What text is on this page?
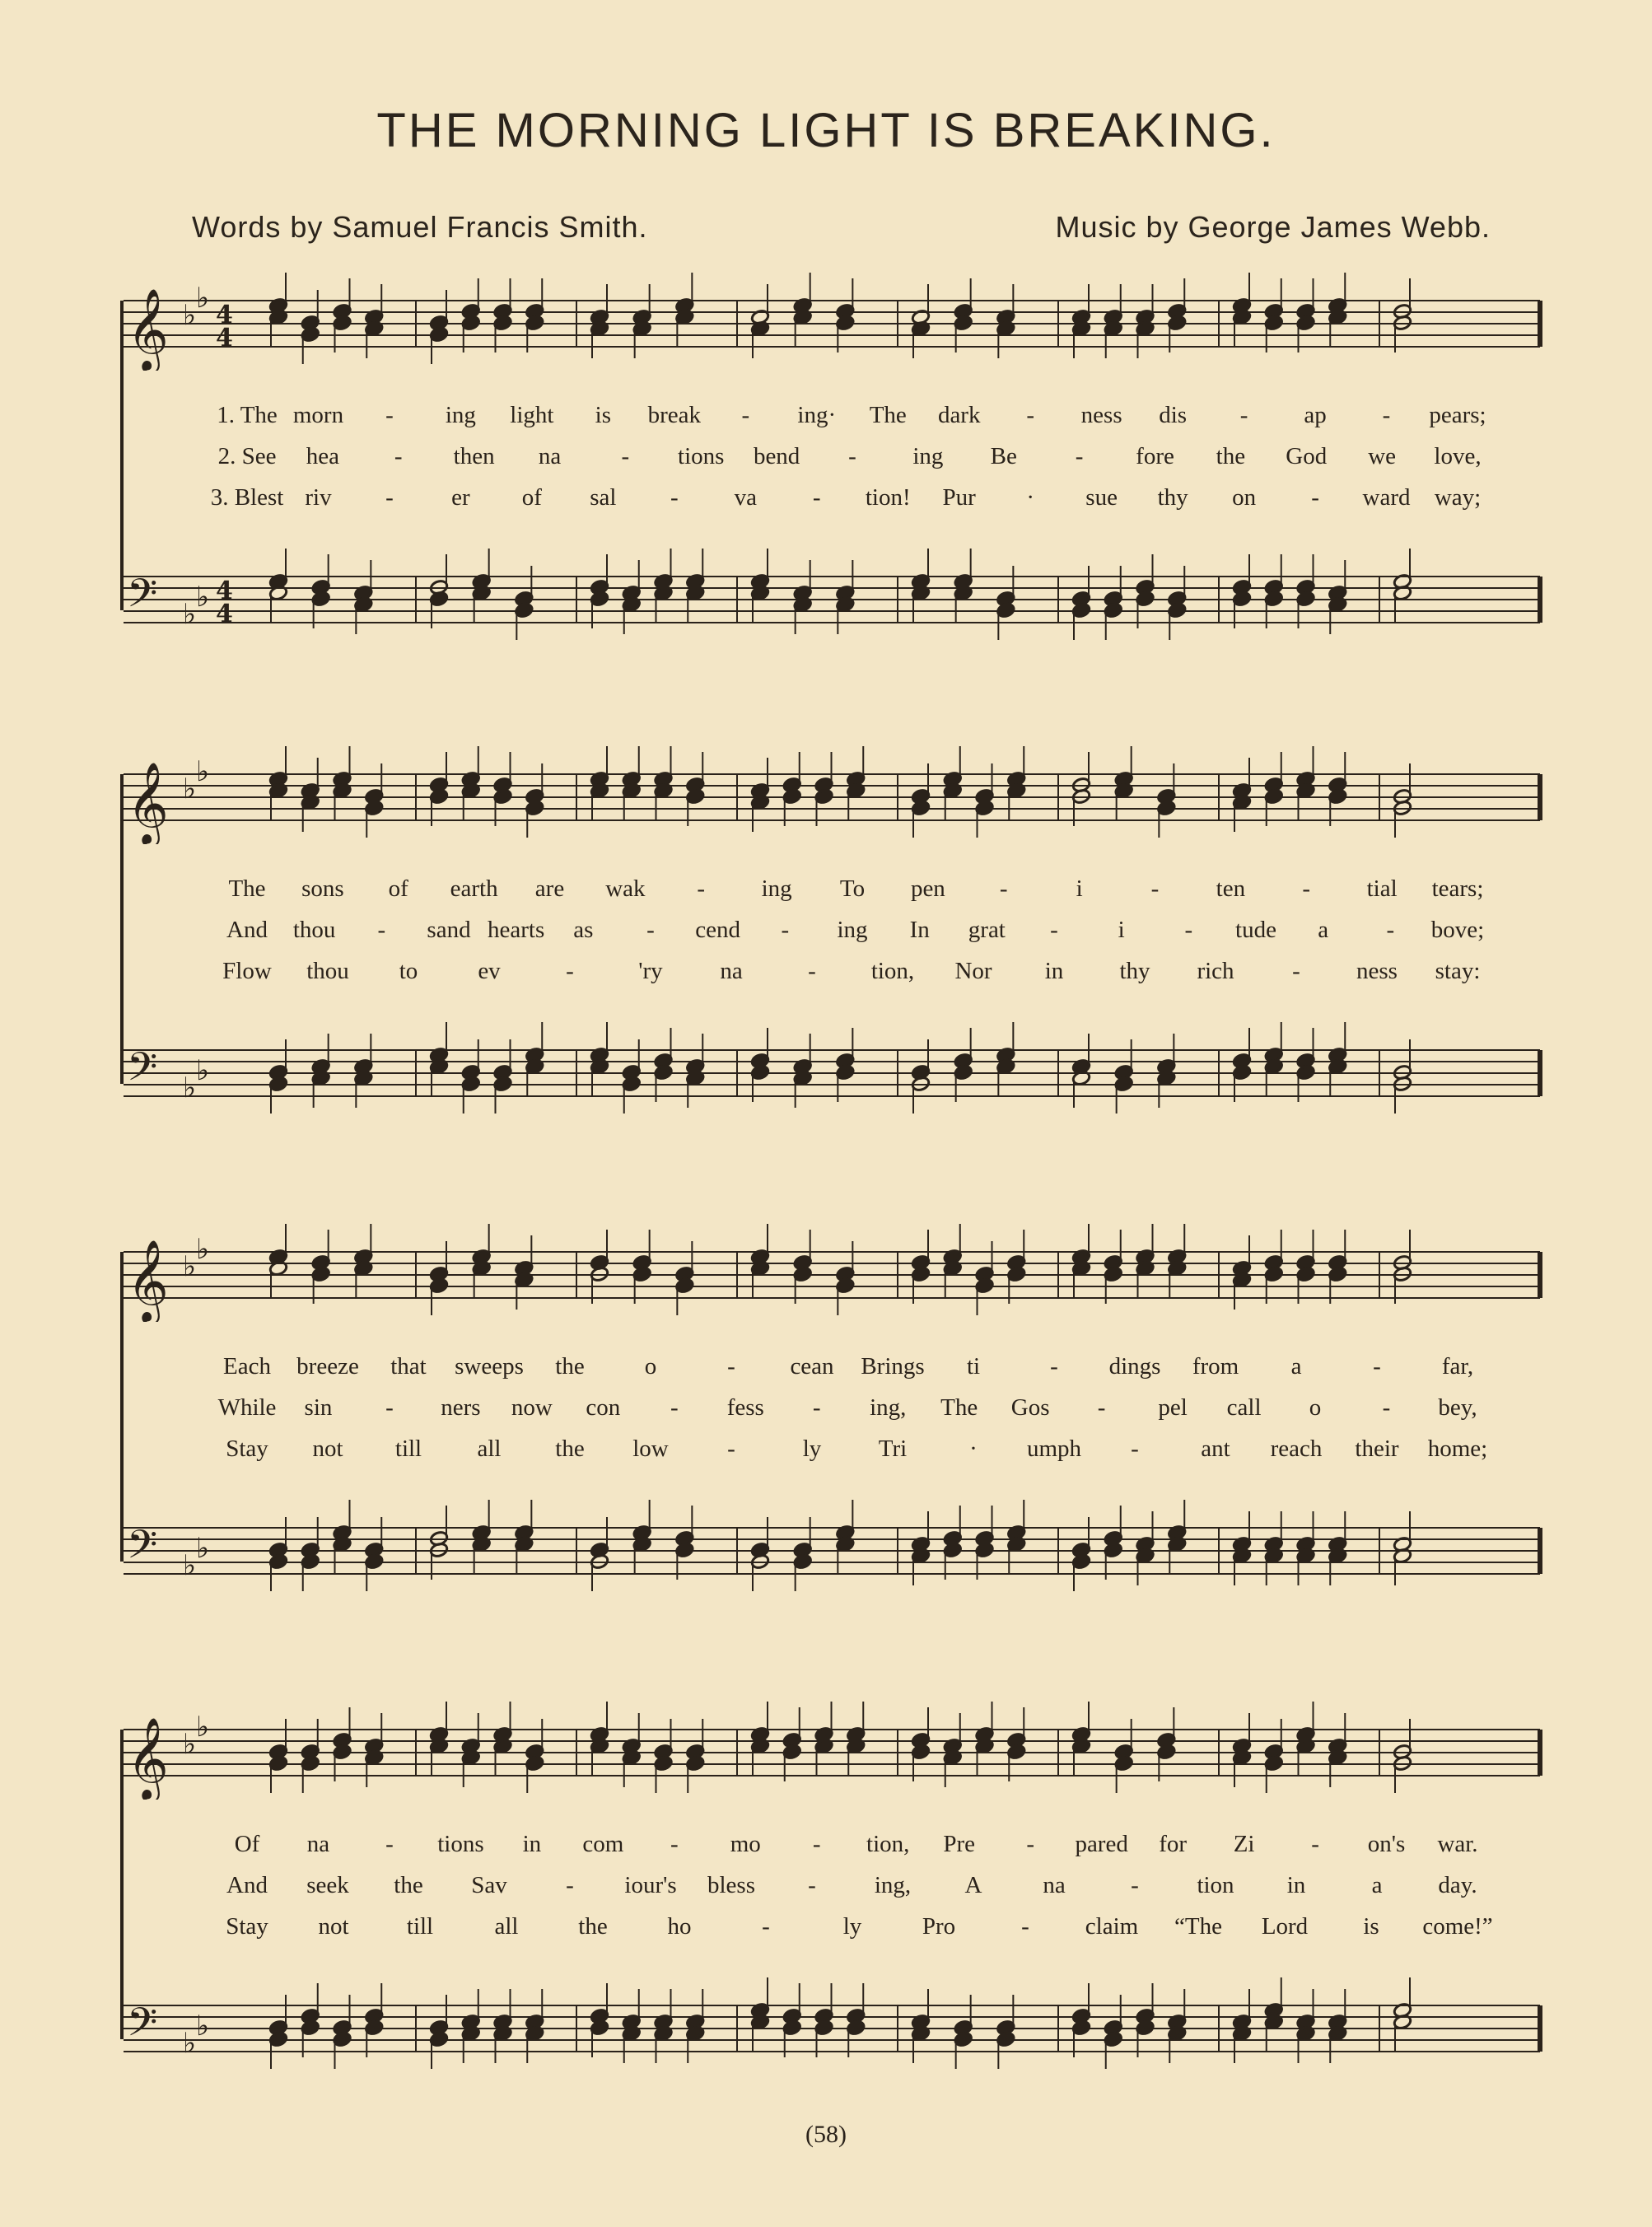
THE MORNING LIGHT IS BREAKING.
Words by Samuel Francis Smith.	Music by George James Webb.
𝄞 ♭
♭
4
4
𝄢 ♭
♭ 4
4
1. The morn - ing light is break - ing· The dark - ness dis - ap - pears;
2. See hea - then na	- tions bend - ing Be - fore the God we love,
3. Blest riv - er of sal - va - tion! Pur · sue thy on - ward way;
𝄞 ♭
♭
𝄢 ♭
♭
The sons of earth are wak - ing To pen -	i	- ten - tial tears;
And thou - sand hearts as - cend - ing In grat -	i	- tude a - bove;
Flow thou to	ev	-	'ry na	- tion, Nor in thy rich - ness stay:
𝄞 ♭
♭
𝄢 ♭
♭
Each breeze that sweeps the	o	- cean Brings ti	- dings from a	-	far,
While sin - ners now con - fess - ing, The Gos - pel call o	- bey,
Stay not till all the low -	ly Tri	· umph -	ant reach their home;
𝄞 ♭
♭
𝄢 ♭
♭
Of na - tions in com - mo - tion, Pre - pared for Zi - on's war.
And seek the Sav - iour's bless - ing, A	na	- tion in	a day.
Stay not till	all	the	ho	-	ly	Pro	- claim “The Lord is come!”
(58)
